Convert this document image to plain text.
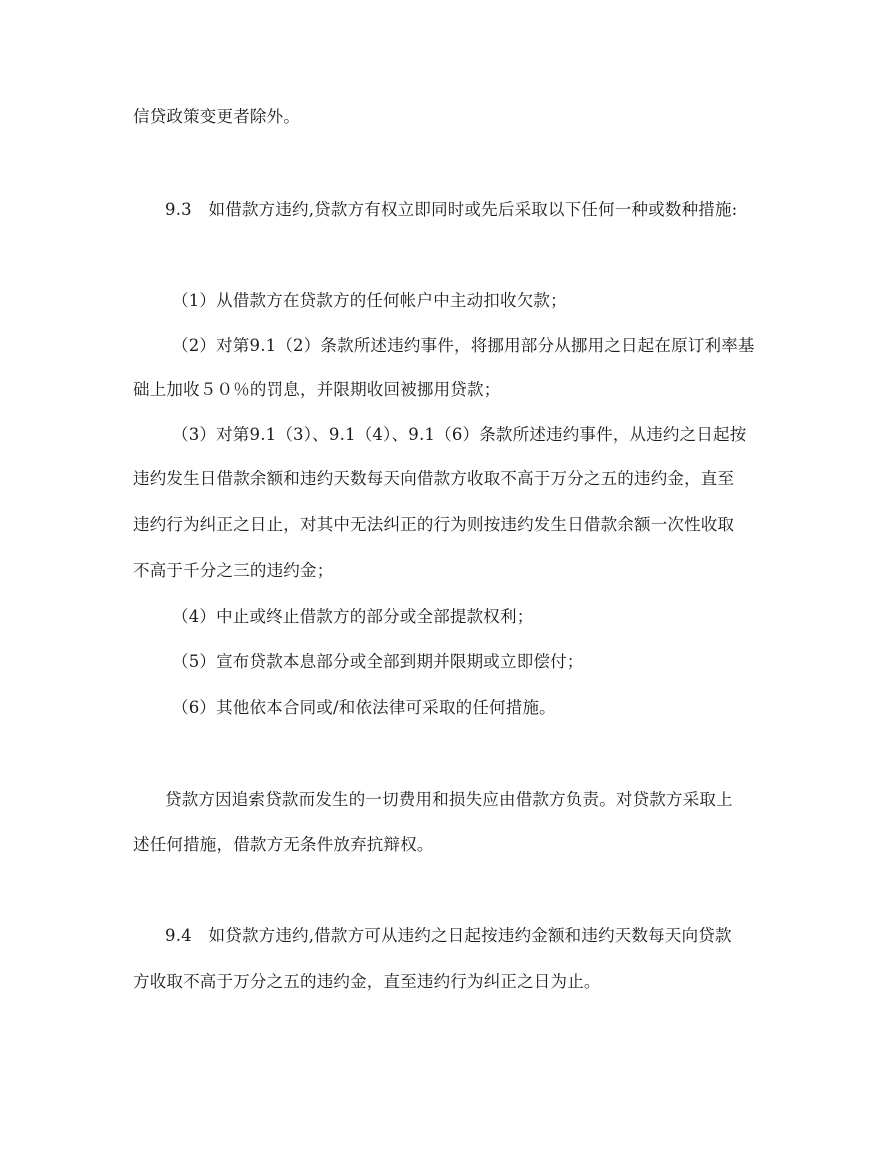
信贷政策变更者除外。
9.3　如借款方违约,贷款方有权立即同时或先后采取以下任何一种或数种措施:
（1）从借款方在贷款方的任何帐户中主动扣收欠款；
（2）对第9.1（2）条款所述违约事件，将挪用部分从挪用之日起在原订利率基
础上加收５０％的罚息，并限期收回被挪用贷款；
（3）对第9.1（3）、9.1（4）、9.1（6）条款所述违约事件，从违约之日起按
违约发生日借款余额和违约天数每天向借款方收取不高于万分之五的违约金，直至
违约行为纠正之日止，对其中无法纠正的行为则按违约发生日借款余额一次性收取
不高于千分之三的违约金；
（4）中止或终止借款方的部分或全部提款权利；
（5）宣布贷款本息部分或全部到期并限期或立即偿付；
（6）其他依本合同或/和依法律可采取的任何措施。
贷款方因追索贷款而发生的一切费用和损失应由借款方负责。对贷款方采取上
述任何措施，借款方无条件放弃抗辩权。
9.4　如贷款方违约,借款方可从违约之日起按违约金额和违约天数每天向贷款
方收取不高于万分之五的违约金，直至违约行为纠正之日为止。
